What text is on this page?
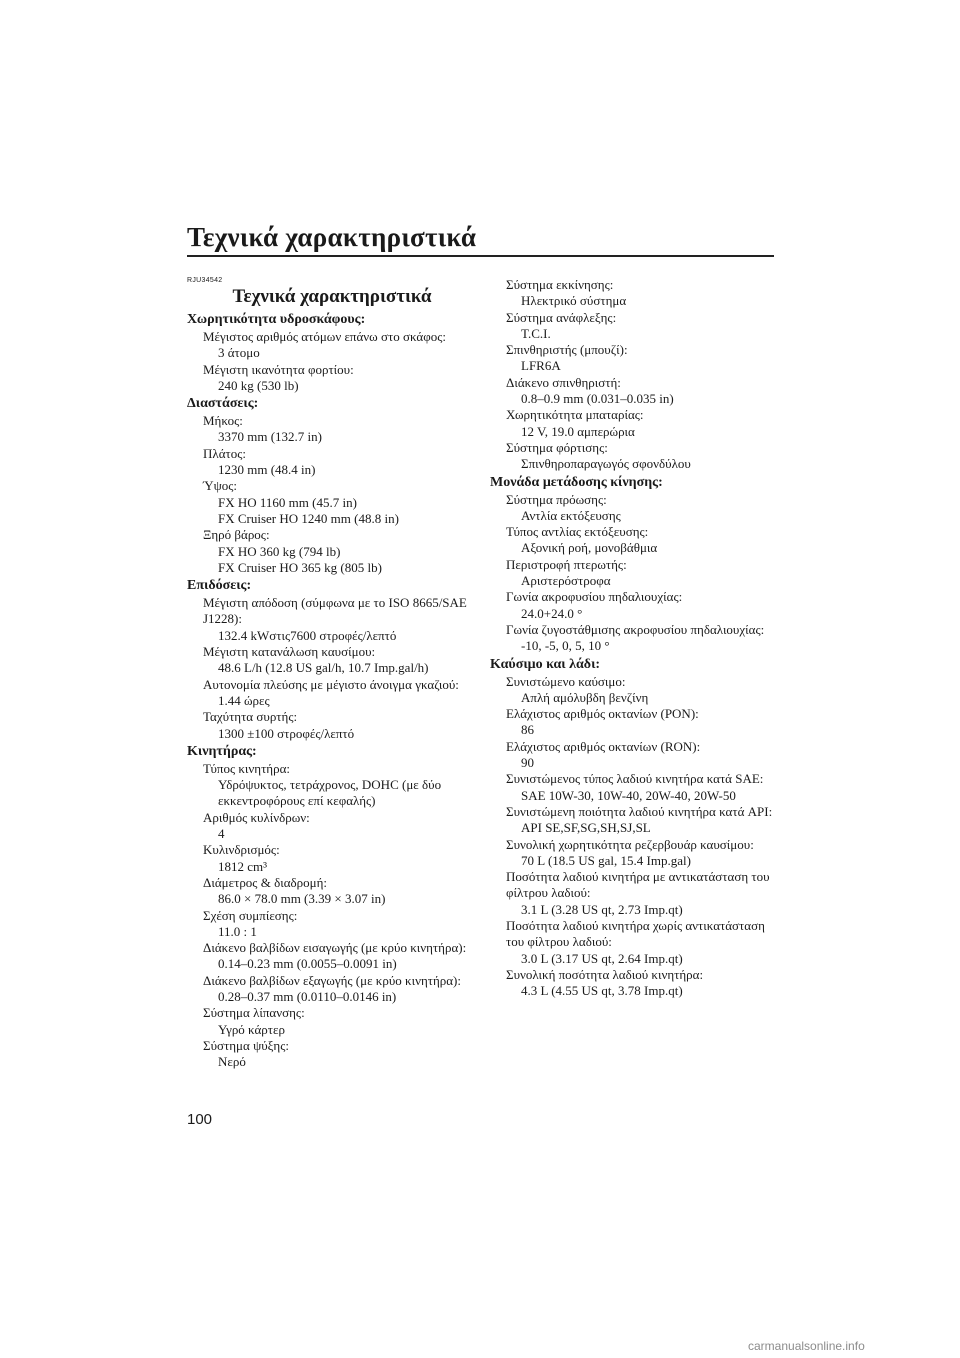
Τεχνικά χαρακτηριστικά
RJU34542
Τεχνικά χαρακτηριστικά
Χωρητικότητα υδροσκάφους:
Μέγιστος αριθμός ατόμων επάνω στο σκάφος:
3 άτομο
Μέγιστη ικανότητα φορτίου:
240 kg (530 lb)
Διαστάσεις:
Μήκος:
3370 mm (132.7 in)
Πλάτος:
1230 mm (48.4 in)
Ύψος:
FX HO 1160 mm (45.7 in)
FX Cruiser HO 1240 mm (48.8 in)
Ξηρό βάρος:
FX HO 360 kg (794 lb)
FX Cruiser HO 365 kg (805 lb)
Επιδόσεις:
Μέγιστη απόδοση (σύμφωνα με το ISO 8665/SAE J1228):
132.4 kWστις7600 στροφές/λεπτό
Μέγιστη κατανάλωση καυσίμου:
48.6 L/h (12.8 US gal/h, 10.7 Imp.gal/h)
Αυτονομία πλεύσης με μέγιστο άνοιγμα γκαζιού:
1.44 ώρες
Ταχύτητα συρτής:
1300 ±100 στροφές/λεπτό
Κινητήρας:
Τύπος κινητήρα:
Υδρόψυκτος, τετράχρονος, DOHC (με δύο εκκεντροφόρους επί κεφαλής)
Αριθμός κυλίνδρων:
4
Κυλινδρισμός:
1812 cm³
Διάμετρος & διαδρομή:
86.0 × 78.0 mm (3.39 × 3.07 in)
Σχέση συμπίεσης:
11.0 : 1
Διάκενο βαλβίδων εισαγωγής (με κρύο κινητήρα):
0.14–0.23 mm (0.0055–0.0091 in)
Διάκενο βαλβίδων εξαγωγής (με κρύο κινητήρα):
0.28–0.37 mm (0.0110–0.0146 in)
Σύστημα λίπανσης:
Υγρό κάρτερ
Σύστημα ψύξης:
Νερό
Σύστημα εκκίνησης:
Ηλεκτρικό σύστημα
Σύστημα ανάφλεξης:
T.C.I.
Σπινθηριστής (μπουζί):
LFR6A
Διάκενο σπινθηριστή:
0.8–0.9 mm (0.031–0.035 in)
Χωρητικότητα μπαταρίας:
12 V, 19.0 αμπερώρια
Σύστημα φόρτισης:
Σπινθηροπαραγωγός σφονδύλου
Μονάδα μετάδοσης κίνησης:
Σύστημα πρόωσης:
Αντλία εκτόξευσης
Τύπος αντλίας εκτόξευσης:
Αξονική ροή, μονοβάθμια
Περιστροφή πτερωτής:
Αριστερόστροφα
Γωνία ακροφυσίου πηδαλιουχίας:
24.0+24.0 °
Γωνία ζυγοστάθμισης ακροφυσίου πηδαλιουχίας:
-10, -5, 0, 5, 10 °
Καύσιμο και λάδι:
Συνιστώμενο καύσιμο:
Απλή αμόλυβδη βενζίνη
Ελάχιστος αριθμός οκτανίων (PON):
86
Ελάχιστος αριθμός οκτανίων (RON):
90
Συνιστώμενος τύπος λαδιού κινητήρα κατά SAE:
SAE 10W-30, 10W-40, 20W-40, 20W-50
Συνιστώμενη ποιότητα λαδιού κινητήρα κατά API:
API SE,SF,SG,SH,SJ,SL
Συνολική χωρητικότητα ρεζερβουάρ καυσίμου:
70 L (18.5 US gal, 15.4 Imp.gal)
Ποσότητα λαδιού κινητήρα με αντικατάσταση του φίλτρου λαδιού:
3.1 L (3.28 US qt, 2.73 Imp.qt)
Ποσότητα λαδιού κινητήρα χωρίς αντικατάσταση του φίλτρου λαδιού:
3.0 L (3.17 US qt, 2.64 Imp.qt)
Συνολική ποσότητα λαδιού κινητήρα:
4.3 L (4.55 US qt, 3.78 Imp.qt)
100
carmanualsonline.info
